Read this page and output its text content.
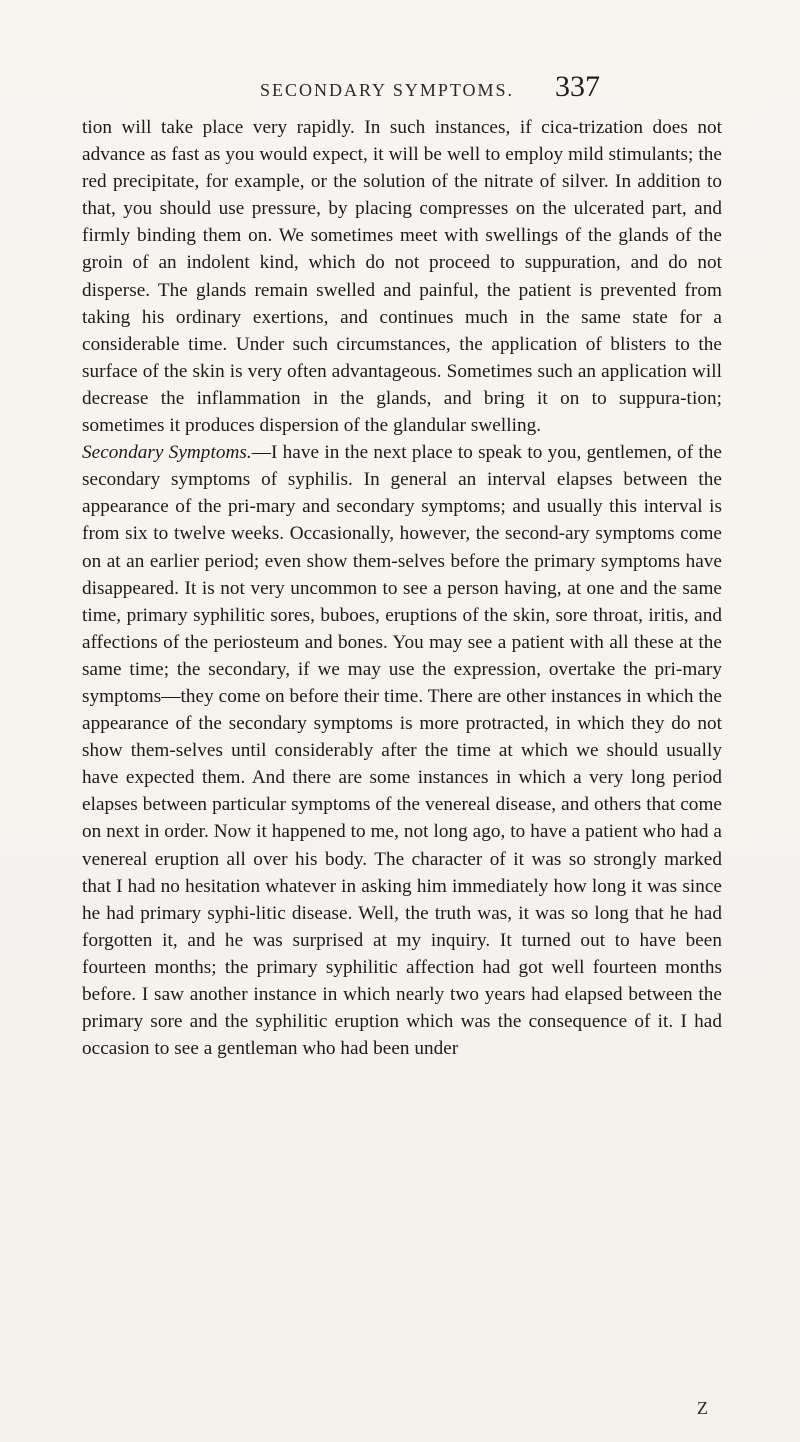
SECONDARY SYMPTOMS. 337

tion will take place very rapidly. In such instances, if cica-trization does not advance as fast as you would expect, it will be well to employ mild stimulants; the red precipitate, for example, or the solution of the nitrate of silver. In addition to that, you should use pressure, by placing compresses on the ulcerated part, and firmly binding them on. We sometimes meet with swellings of the glands of the groin of an indolent kind, which do not proceed to suppuration, and do not disperse. The glands remain swelled and painful, the patient is prevented from taking his ordinary exertions, and continues much in the same state for a considerable time. Under such circumstances, the application of blisters to the surface of the skin is very often advantageous. Sometimes such an application will decrease the inflammation in the glands, and bring it on to suppura-tion; sometimes it produces dispersion of the glandular swelling.

Secondary Symptoms.—I have in the next place to speak to you, gentlemen, of the secondary symptoms of syphilis. In general an interval elapses between the appearance of the pri-mary and secondary symptoms; and usually this interval is from six to twelve weeks. Occasionally, however, the second-ary symptoms come on at an earlier period; even show them-selves before the primary symptoms have disappeared. It is not very uncommon to see a person having, at one and the same time, primary syphilitic sores, buboes, eruptions of the skin, sore throat, iritis, and affections of the periosteum and bones. You may see a patient with all these at the same time; the secondary, if we may use the expression, overtake the pri-mary symptoms—they come on before their time. There are other instances in which the appearance of the secondary symptoms is more protracted, in which they do not show them-selves until considerably after the time at which we should usually have expected them. And there are some instances in which a very long period elapses between particular symptoms of the venereal disease, and others that come on next in order. Now it happened to me, not long ago, to have a patient who had a venereal eruption all over his body. The character of it was so strongly marked that I had no hesitation whatever in asking him immediately how long it was since he had primary syphi-litic disease. Well, the truth was, it was so long that he had forgotten it, and he was surprised at my inquiry. It turned out to have been fourteen months; the primary syphilitic affection had got well fourteen months before. I saw another instance in which nearly two years had elapsed between the primary sore and the syphilitic eruption which was the consequence of it. I had occasion to see a gentleman who had been under

Z
